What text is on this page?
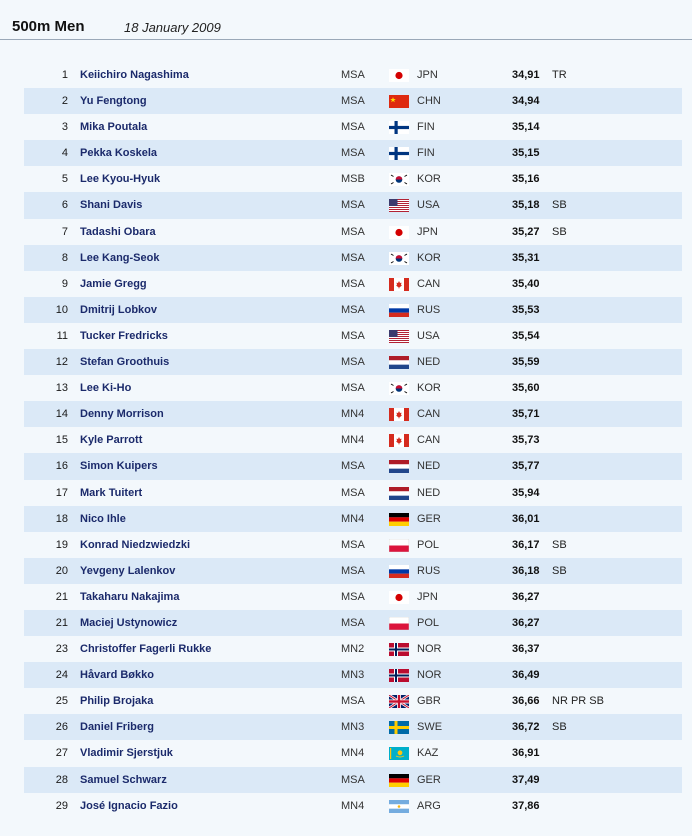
500m Men	18 January 2009
1 Keiichiro Nagashima	MSA	JPN	34,91 TR
2 Yu Fengtong	MSA	CHN	34,94
3 Mika Poutala	MSA	FIN	35,14
4 Pekka Koskela	MSA	FIN	35,15
5 Lee Kyou-Hyuk	MSB	KOR	35,16
6 Shani Davis	MSA	USA	35,18 SB
7 Tadashi Obara	MSA	JPN	35,27 SB
8 Lee Kang-Seok	MSA	KOR	35,31
9 Jamie Gregg	MSA	CAN	35,40
10 Dmitrij Lobkov	MSA	RUS	35,53
11 Tucker Fredricks	MSA	USA	35,54
12 Stefan Groothuis	MSA	NED	35,59
13 Lee Ki-Ho	MSA	KOR	35,60
14 Denny Morrison	MN4	CAN	35,71
15 Kyle Parrott	MN4	CAN	35,73
16 Simon Kuipers	MSA	NED	35,77
17 Mark Tuitert	MSA	NED	35,94
18 Nico Ihle	MN4	GER	36,01
19 Konrad Niedzwiedzki	MSA	POL	36,17 SB
20 Yevgeny Lalenkov	MSA	RUS	36,18 SB
21 Takaharu Nakajima	MSA	JPN	36,27
21 Maciej Ustynowicz	MSA	POL	36,27
23 Christoffer Fagerli Rukke	MN2	NOR	36,37
24 Håvard Bøkko	MN3	NOR	36,49
25 Philip Brojaka	MSA	GBR	36,66 NR PR SB
26 Daniel Friberg	MN3	SWE	36,72 SB
27 Vladimir Sjerstjuk	MN4	KAZ	36,91
28 Samuel Schwarz	MSA	GER	37,49
29 José Ignacio Fazio	MN4	ARG	37,86
